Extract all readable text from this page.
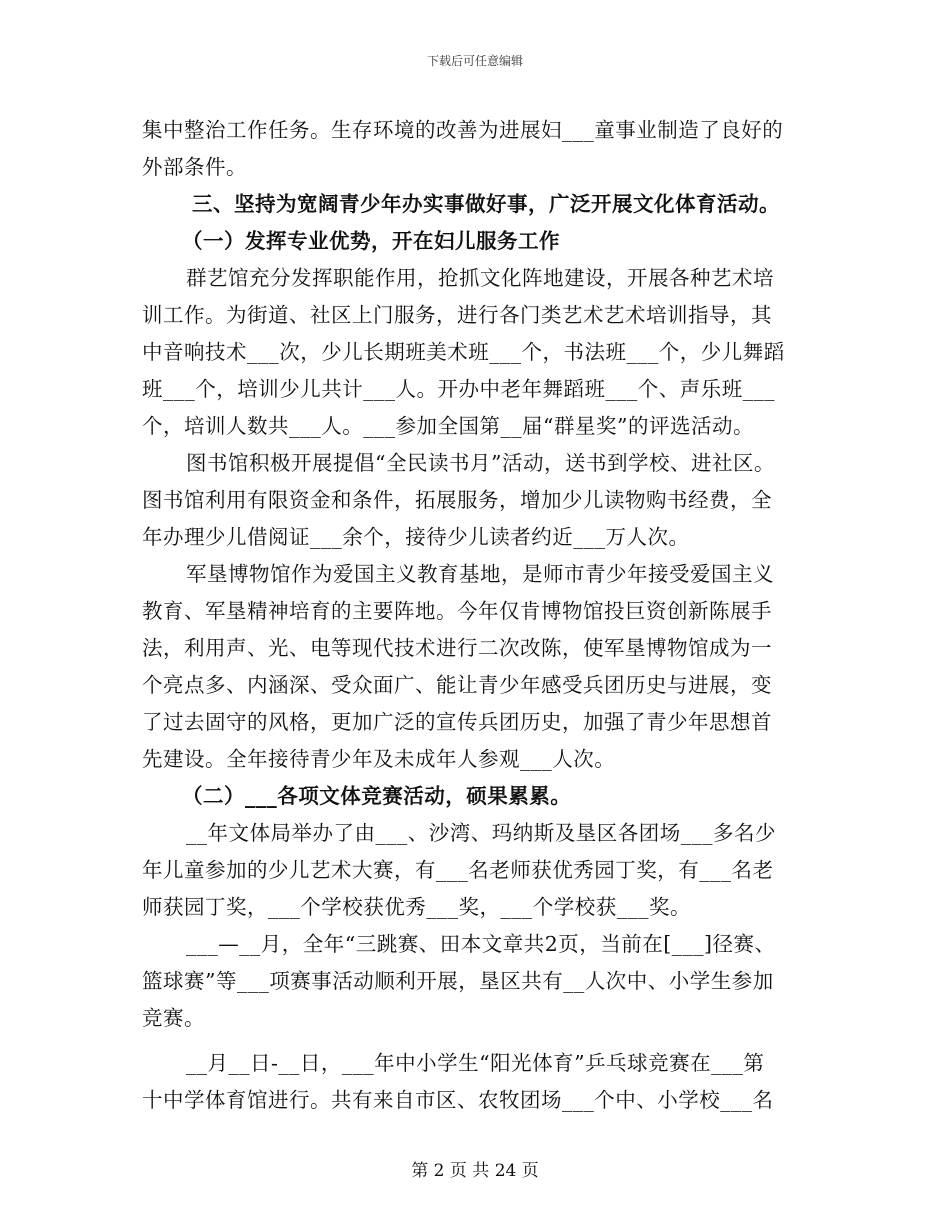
下载后可任意编辑
集中整治工作任务。生存环境的改善为进展妇___童事业制造了良好的
外部条件。
三、坚持为宽阔青少年办实事做好事，广泛开展文化体育活动。
（一）发挥专业优势，开在妇儿服务工作
群艺馆充分发挥职能作用，抢抓文化阵地建设，开展各种艺术培
训工作。为街道、社区上门服务，进行各门类艺术艺术培训指导，其
中音响技术___次，少儿长期班美术班___个，书法班___个，少儿舞蹈
班___个，培训少儿共计___人。开办中老年舞蹈班___个、声乐班___
个，培训人数共___人。___参加全国第__届“群星奖”的评选活动。
图书馆积极开展提倡“全民读书月”活动，送书到学校、进社区。
图书馆利用有限资金和条件，拓展服务，增加少儿读物购书经费，全
年办理少儿借阅证___余个，接待少儿读者约近___万人次。
军垦博物馆作为爱国主义教育基地，是师市青少年接受爱国主义
教育、军垦精神培育的主要阵地。今年仅肯博物馆投巨资创新陈展手
法，利用声、光、电等现代技术进行二次改陈，使军垦博物馆成为一
个亮点多、内涵深、受众面广、能让青少年感受兵团历史与进展，变
了过去固守的风格，更加广泛的宣传兵团历史，加强了青少年思想首
先建设。全年接待青少年及未成年人参观___人次。
（二）___各项文体竞赛活动，硕果累累。
__年文体局举办了由___、沙湾、玛纳斯及垦区各团场___多名少
年儿童参加的少儿艺术大赛，有___名老师获优秀园丁奖，有___名老
师获园丁奖，___个学校获优秀___奖，___个学校获___奖。
___—__月，全年“三跳赛、田本文章共2页，当前在[___]径赛、
篮球赛”等___项赛事活动顺利开展，垦区共有__人次中、小学生参加
竞赛。
__月__日-__日，___年中小学生“阳光体育”乒乓球竞赛在___第
十中学体育馆进行。共有来自市区、农牧团场___个中、小学校___名
第 2 页 共 24 页
